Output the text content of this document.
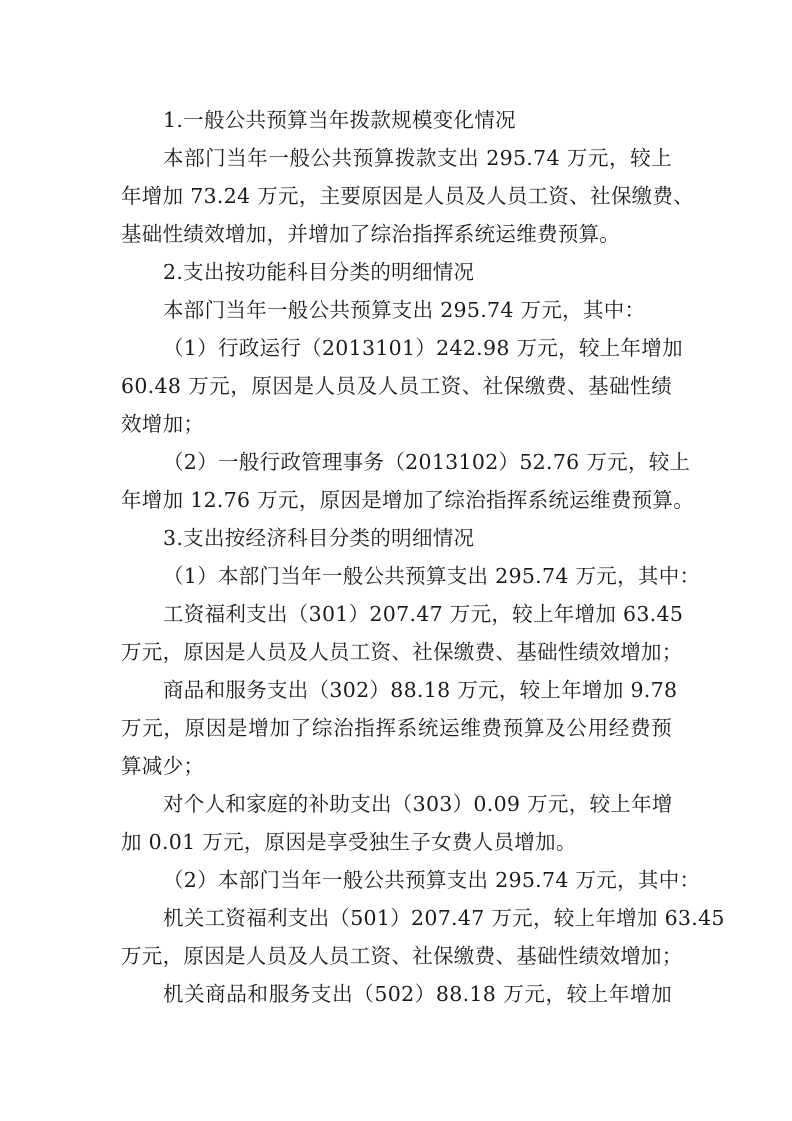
1.一般公共预算当年拨款规模变化情况
本部门当年一般公共预算拨款支出 295.74 万元，较上
年增加 73.24 万元，主要原因是人员及人员工资、社保缴费、
基础性绩效增加，并增加了综治指挥系统运维费预算。
2.支出按功能科目分类的明细情况
本部门当年一般公共预算支出 295.74 万元，其中：
（1）行政运行（2013101）242.98 万元，较上年增加
60.48 万元，原因是人员及人员工资、社保缴费、基础性绩
效增加；
（2）一般行政管理事务（2013102）52.76 万元，较上
年增加 12.76 万元，原因是增加了综治指挥系统运维费预算。
3.支出按经济科目分类的明细情况
（1）本部门当年一般公共预算支出 295.74 万元，其中：
工资福利支出（301）207.47 万元，较上年增加 63.45
万元，原因是人员及人员工资、社保缴费、基础性绩效增加；
商品和服务支出（302）88.18 万元，较上年增加 9.78
万元，原因是增加了综治指挥系统运维费预算及公用经费预
算减少；
对个人和家庭的补助支出（303）0.09 万元，较上年增
加 0.01 万元，原因是享受独生子女费人员增加。
（2）本部门当年一般公共预算支出 295.74 万元，其中：
机关工资福利支出（501）207.47 万元，较上年增加 63.45
万元，原因是人员及人员工资、社保缴费、基础性绩效增加；
机关商品和服务支出（502）88.18 万元，较上年增加
